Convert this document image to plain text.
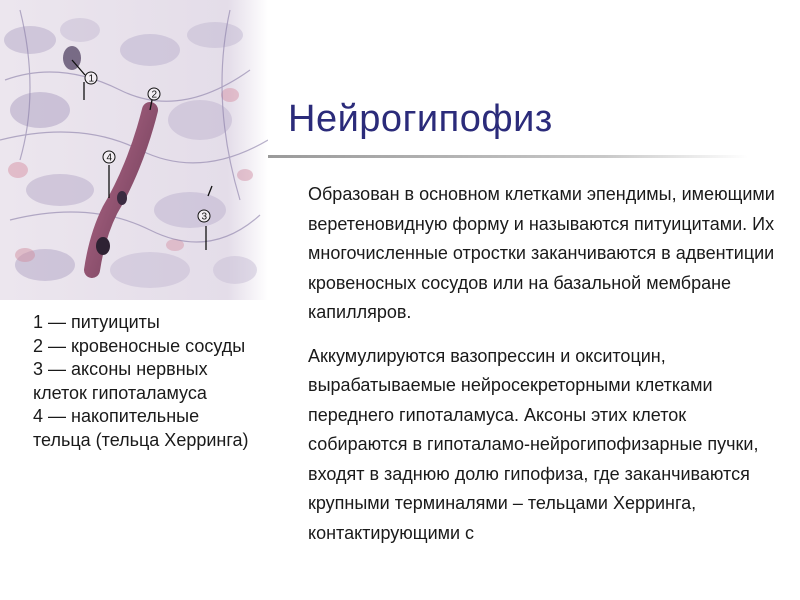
1
2
4
3
Нейрогипофиз
1 — питуициты
2 — кровеносные сосуды
3 — аксоны нервных клеток гипоталамуса
4 — накопительные тельца (тельца Херринга)

Образован в основном клетками эпендимы, имеющими веретеновидную форму и называются питуицитами. Их многочисленные отростки заканчиваются в адвентиции кровеносных сосудов или на базальной мембране капилляров.

Аккумулируются вазопрессин и окситоцин, вырабатываемые нейросекреторными клетками переднего гипоталамуса. Аксоны этих клеток собираются в гипоталамо-нейрогипофизарные пучки, входят в заднюю долю гипофиза, где заканчиваются крупными терминалями – тельцами Херринга, контактирующими с
